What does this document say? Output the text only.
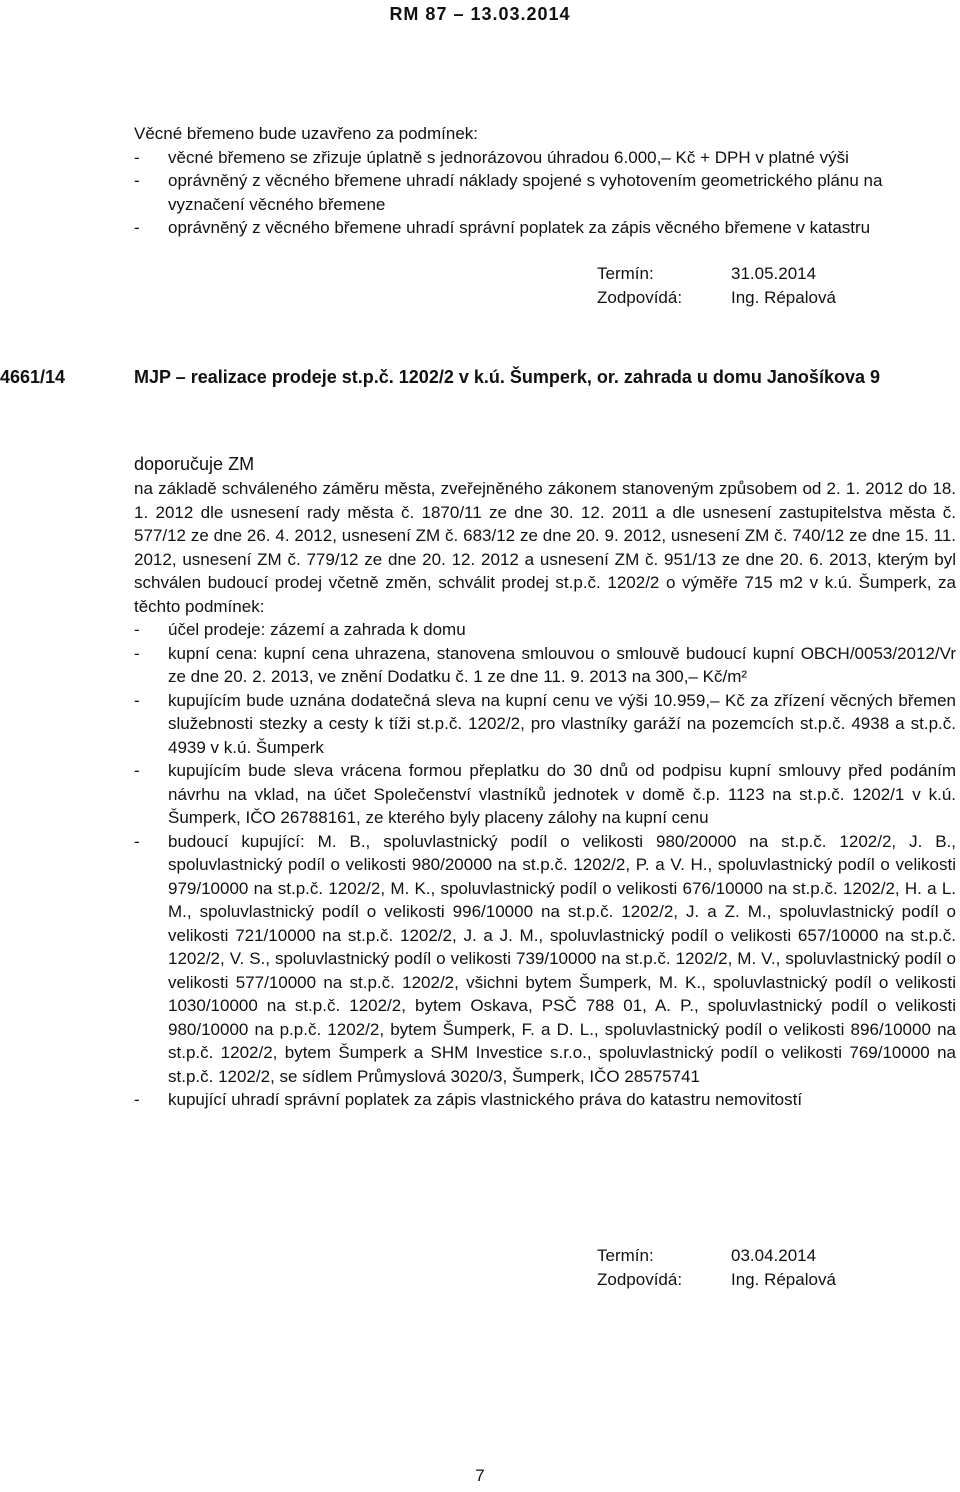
RM 87 – 13.03.2014
Věcné břemeno bude uzavřeno za podmínek:
-	věcné břemeno se zřizuje úplatně s jednorázovou úhradou 6.000,– Kč + DPH v platné výši
-	oprávněný z věcného břemene uhradí náklady spojené s vyhotovením geometrického plánu na vyznačení věcného břemene
-	oprávněný z věcného břemene uhradí správní poplatek za zápis věcného břemene v katastru
Termín:	31.05.2014
Zodpovídá:	Ing. Répalová
4661/14	MJP – realizace prodeje st.p.č. 1202/2 v k.ú. Šumperk, or. zahrada u domu Janošíkova 9
doporučuje ZM
na základě schváleného záměru města, zveřejněného zákonem stanoveným způsobem od 2. 1. 2012 do 18. 1. 2012 dle usnesení rady města č. 1870/11 ze dne 30. 12. 2011 a dle usnesení zastupitelstva města č. 577/12 ze dne 26. 4. 2012, usnesení ZM č. 683/12 ze dne 20. 9. 2012, usnesení ZM č. 740/12 ze dne 15. 11. 2012, usnesení ZM č. 779/12 ze dne 20. 12. 2012 a usnesení ZM č. 951/13 ze dne 20. 6. 2013, kterým byl schválen budoucí prodej včetně změn, schválit prodej st.p.č. 1202/2 o výměře 715 m2 v k.ú. Šumperk, za těchto podmínek:
-	účel prodeje: zázemí a zahrada k domu
-	kupní cena: kupní cena uhrazena, stanovena smlouvou o smlouvě budoucí kupní OBCH/0053/2012/Vr ze dne 20. 2. 2013, ve znění Dodatku č. 1 ze dne 11. 9. 2013 na 300,– Kč/m²
-	kupujícím bude uznána dodatečná sleva na kupní cenu ve výši 10.959,– Kč za zřízení věcných břemen služebnosti stezky a cesty k tíži st.p.č. 1202/2, pro vlastníky garáží na pozemcích st.p.č. 4938 a st.p.č. 4939 v k.ú. Šumperk
-	kupujícím bude sleva vrácena formou přeplatku do 30 dnů od podpisu kupní smlouvy před podáním návrhu na vklad, na účet Společenství vlastníků jednotek v domě č.p. 1123 na st.p.č. 1202/1 v k.ú. Šumperk, IČO 26788161, ze kterého byly placeny zálohy na kupní cenu
-	budoucí kupující: M. B., spoluvlastnický podíl o velikosti 980/20000 na st.p.č. 1202/2, J. B., spoluvlastnický podíl o velikosti 980/20000 na st.p.č. 1202/2, P. a V. H., spoluvlastnický podíl o velikosti 979/10000 na st.p.č. 1202/2, M. K., spoluvlastnický podíl o velikosti 676/10000 na st.p.č. 1202/2, H. a L. M., spoluvlastnický podíl o velikosti 996/10000 na st.p.č. 1202/2, J. a Z. M., spoluvlastnický podíl o velikosti 721/10000 na st.p.č. 1202/2, J. a J. M., spoluvlastnický podíl o velikosti 657/10000 na st.p.č. 1202/2, V. S., spoluvlastnický podíl o velikosti 739/10000 na st.p.č. 1202/2, M. V., spoluvlastnický podíl o velikosti 577/10000 na st.p.č. 1202/2, všichni bytem Šumperk, M. K., spoluvlastnický podíl o velikosti 1030/10000 na st.p.č. 1202/2, bytem Oskava, PSČ 788 01, A. P., spoluvlastnický podíl o velikosti 980/10000 na p.p.č. 1202/2, bytem Šumperk, F. a D. L., spoluvlastnický podíl o velikosti 896/10000 na st.p.č. 1202/2, bytem Šumperk a SHM Investice s.r.o., spoluvlastnický podíl o velikosti 769/10000 na st.p.č. 1202/2, se sídlem Průmyslová 3020/3, Šumperk, IČO 28575741
-	kupující uhradí správní poplatek za zápis vlastnického práva do katastru nemovitostí
Termín:	03.04.2014
Zodpovídá:	Ing. Répalová
7
